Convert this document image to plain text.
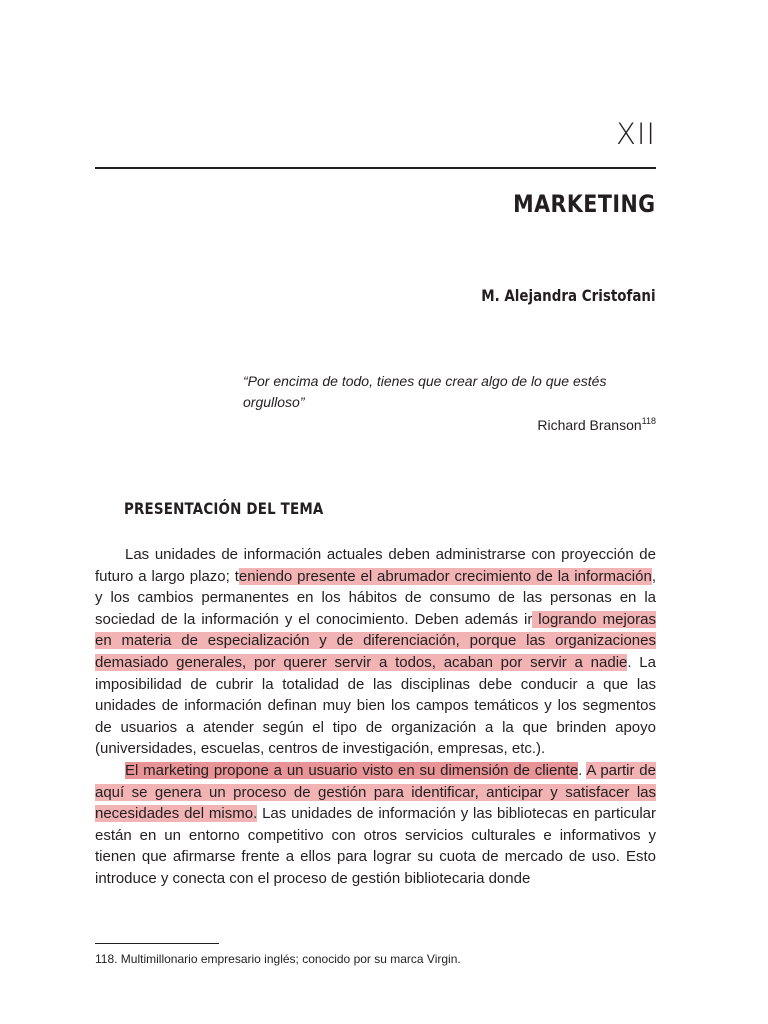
XII
MARKETING
M. Alejandra Cristofani
“Por encima de todo, tienes que crear algo de lo que estés orgulloso”
Richard Branson$^{118}$
PRESENTACIÓN DEL TEMA

Las unidades de información actuales deben administrarse con proyección de futuro a largo plazo; teniendo presente el abrumador crecimiento de la información, y los cambios permanentes en los hábitos de consumo de las personas en la sociedad de la información y el conocimiento. Deben además ir logrando mejoras en materia de especialización y de diferenciación, porque las organizaciones demasiado generales, por querer servir a todos, acaban por servir a nadie. La imposibilidad de cubrir la totalidad de las disciplinas debe conducir a que las unidades de información definan muy bien los campos temáticos y los segmentos de usuarios a atender según el tipo de organización a la que brinden apoyo (universidades, escuelas, centros de investigación, empresas, etc.).

El marketing propone a un usuario visto en su dimensión de cliente. A partir de aquí se genera un proceso de gestión para identificar, anticipar y satisfacer las necesidades del mismo. Las unidades de información y las bibliotecas en particular están en un entorno competitivo con otros servicios culturales e informativos y tienen que afirmarse frente a ellos para lograr su cuota de mercado de uso. Esto introduce y conecta con el proceso de gestión bibliotecaria donde

118. Multimillonario empresario inglés; conocido por su marca Virgin.
